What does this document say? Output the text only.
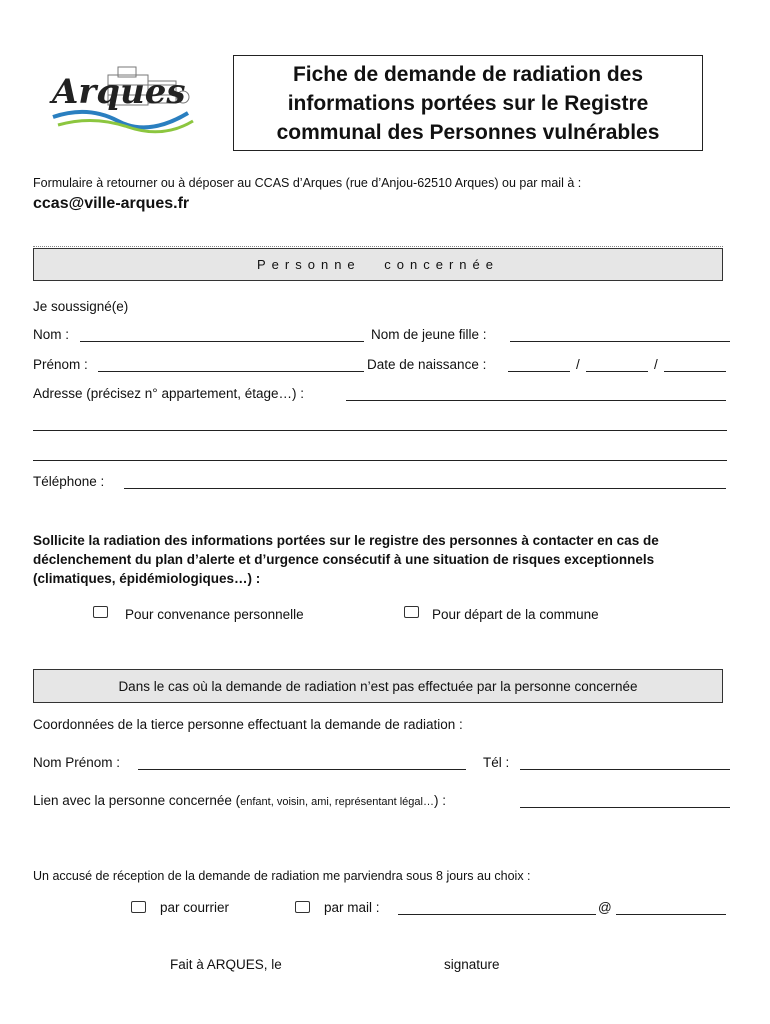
Arques	Fiche de demande de radiation des
informations portées sur le Registre
communal des Personnes vulnérables
Formulaire à retourner ou à déposer au CCAS d’Arques (rue d’Anjou-62510 Arques) ou par mail à :
ccas@ville-arques.fr
Personne concernée
Je soussigné(e)
Nom :	Nom de jeune fille :
Prénom :	Date de naissance :	/	/
Adresse (précisez n° appartement, étage…) :
Téléphone :
Sollicite la radiation des informations portées sur le registre des personnes à contacter en cas de déclenchement du plan d’alerte et d’urgence consécutif à une situation de risques exceptionnels (climatiques, épidémiologiques…) :
Pour convenance personnelle	Pour départ de la commune
Dans le cas où la demande de radiation n’est pas effectuée par la personne concernée
Coordonnées de la tierce personne effectuant la demande de radiation :
Nom Prénom :	Tél :
Lien avec la personne concernée (enfant, voisin, ami, représentant légal…) :
Un accusé de réception de la demande de radiation me parviendra sous 8 jours au choix :
par courrier	par mail :	@
Fait à ARQUES, le	signature
